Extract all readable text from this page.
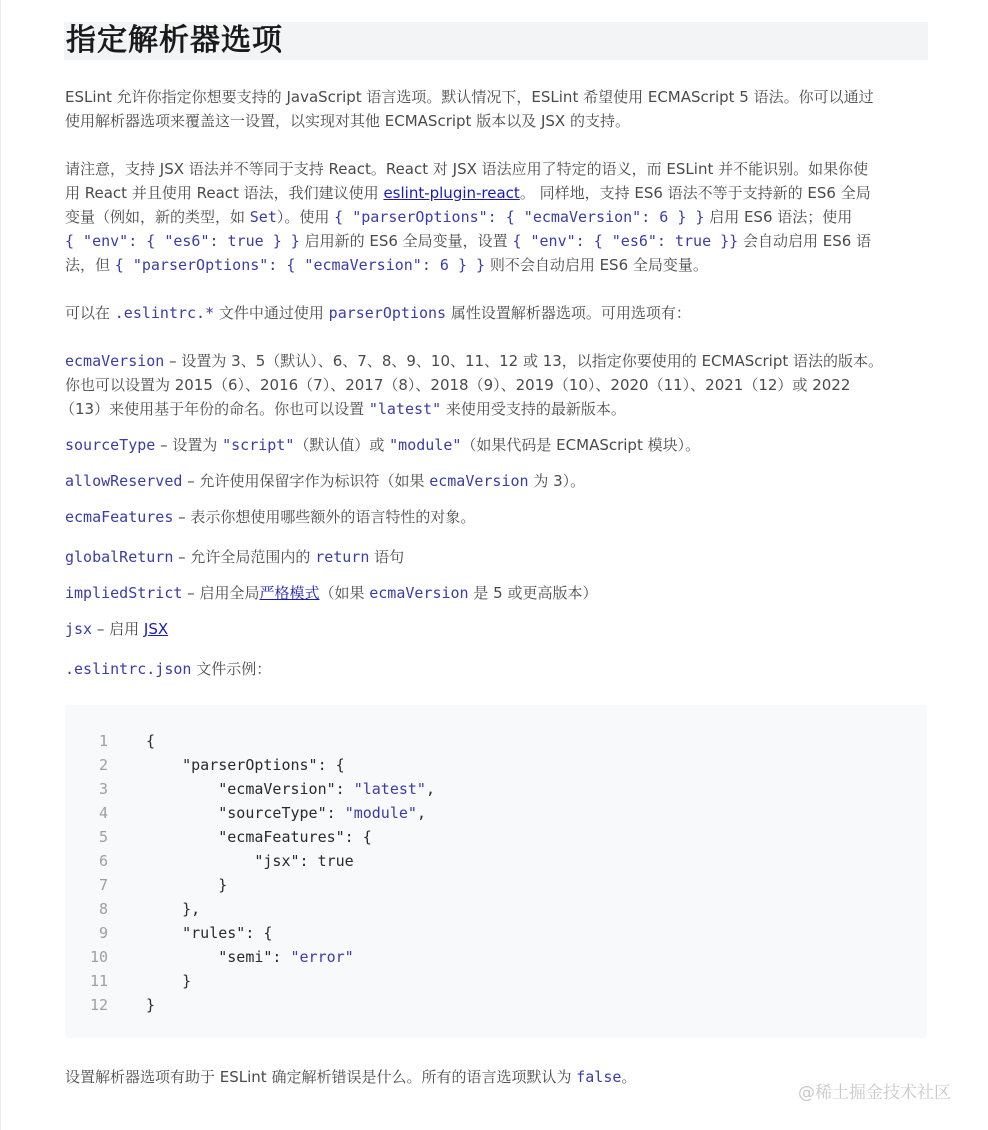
指定解析器选项

ESLint 允许你指定你想要支持的 JavaScript 语言选项。默认情况下，ESLint 希望使用 ECMAScript 5 语法。你可以通过

使用解析器选项来覆盖这一设置，以实现对其他 ECMAScript 版本以及 JSX 的支持。

请注意，支持 JSX 语法并不等同于支持 React。React 对 JSX 语法应用了特定的语义，而 ESLint 并不能识别。如果你使

用 React 并且使用 React 语法，我们建议使用 eslint-plugin-react。 同样地，支持 ES6 语法不等于支持新的 ES6 全局

变量（例如，新的类型，如 Set）。使用 { "parserOptions": { "ecmaVersion": 6 } } 启用 ES6 语法；使用

{ "env": { "es6": true } } 启用新的 ES6 全局变量，设置 { "env": { "es6": true }} 会自动启用 ES6 语

法，但 { "parserOptions": { "ecmaVersion": 6 } } 则不会自动启用 ES6 全局变量。

可以在 .eslintrc.* 文件中通过使用 parserOptions 属性设置解析器选项。可用选项有：

ecmaVersion – 设置为 3、5（默认）、6、7、8、9、10、11、12 或 13，以指定你要使用的 ECMAScript 语法的版本。

你也可以设置为 2015（6）、2016（7）、2017（8）、2018（9）、2019（10）、2020（11）、2021（12）或 2022

（13）来使用基于年份的命名。你也可以设置 "latest" 来使用受支持的最新版本。

sourceType – 设置为 "script"（默认值）或 "module"（如果代码是 ECMAScript 模块）。

allowReserved – 允许使用保留字作为标识符（如果 ecmaVersion 为 3）。

ecmaFeatures – 表示你想使用哪些额外的语言特性的对象。

globalReturn – 允许全局范围内的 return 语句

impliedStrict – 启用全局严格模式（如果 ecmaVersion 是 5 或更高版本）

jsx – 启用 JSX

.eslintrc.json 文件示例：

1	{
2	"parserOptions": {
3	"ecmaVersion": "latest",
4	"sourceType": "module",
5	"ecmaFeatures": {
6	"jsx": true
7	}
8	},
9	"rules": {
10	"semi": "error"
11	}
12	}

设置解析器选项有助于 ESLint 确定解析错误是什么。所有的语言选项默认为 false。

@稀土掘金技术社区
